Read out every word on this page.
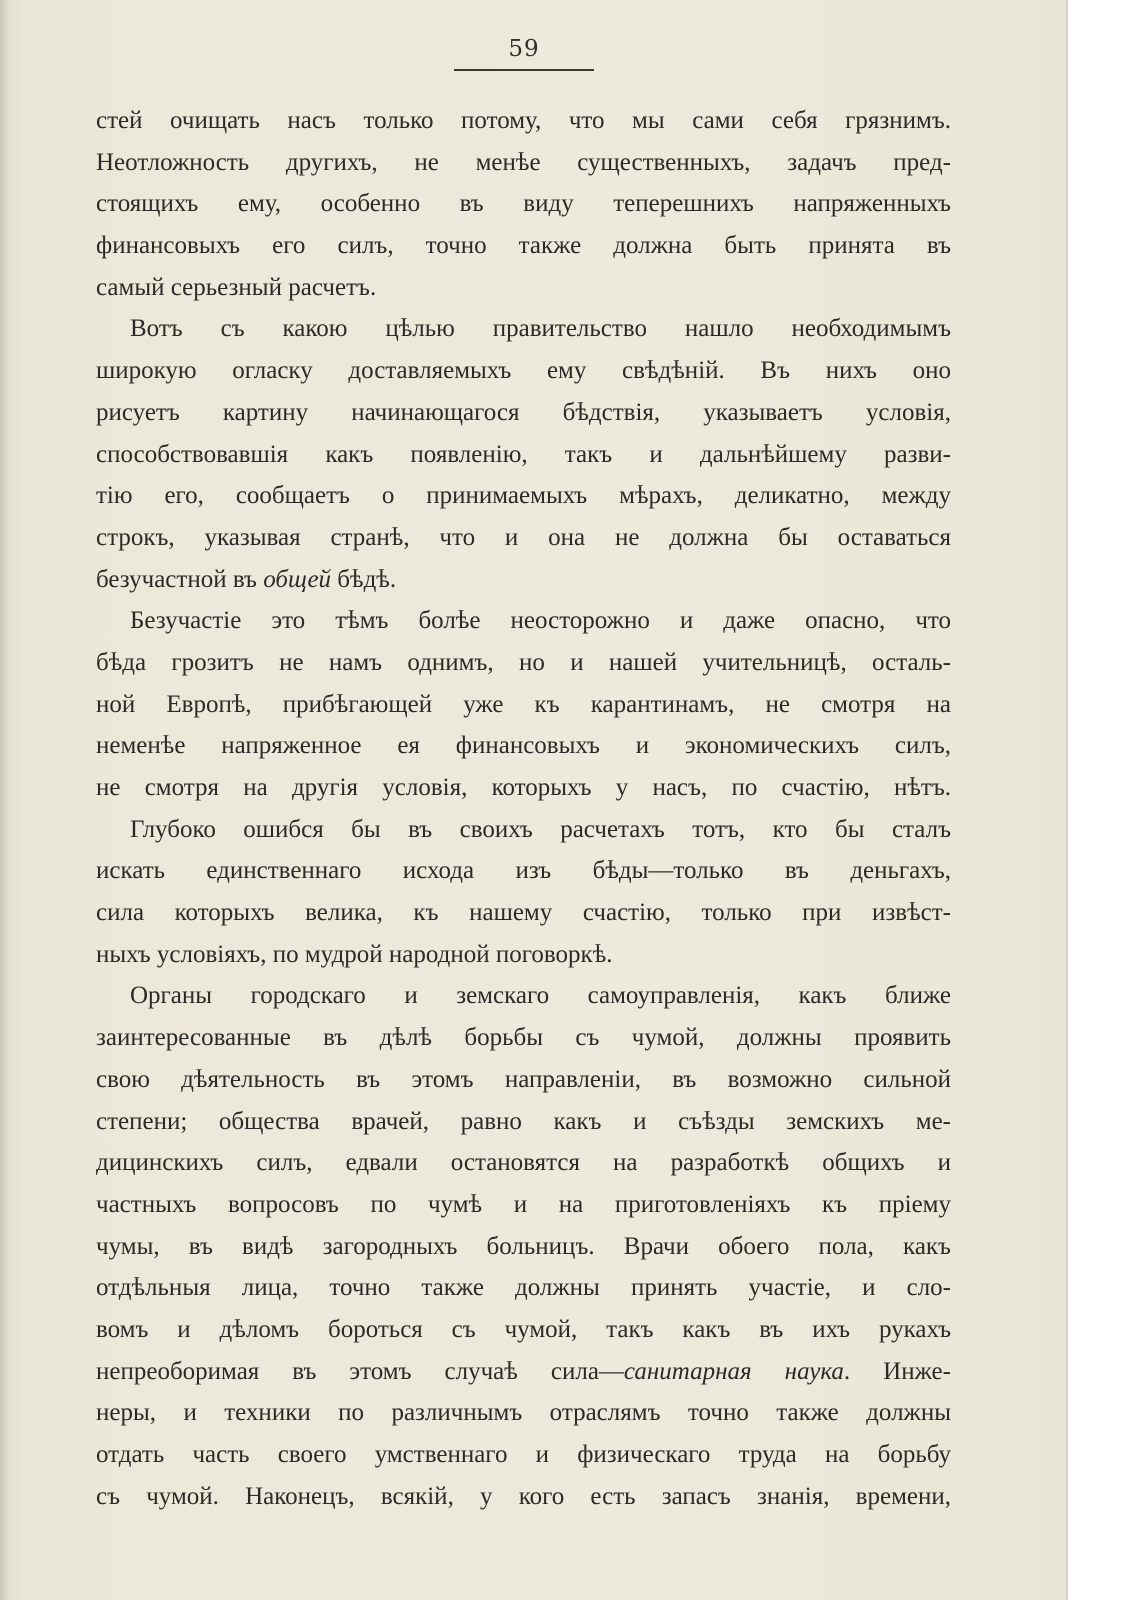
59
стей очищать насъ только потому, что мы сами себя грязнимъ.
Неотложность другихъ, не менѣе существенныхъ, задачъ пред-
стоящихъ ему, особенно въ виду теперешнихъ напряженныхъ
финансовыхъ его силъ, точно также должна быть принята въ
самый серьезный расчетъ.
Вотъ съ какою цѣлью правительство нашло необходимымъ
широкую огласку доставляемыхъ ему свѣдѣній. Въ нихъ оно
рисуетъ картину начинающагося бѣдствія, указываетъ условія,
способствовавшія какъ появленію, такъ и дальнѣйшему разви-
тію его, сообщаетъ о принимаемыхъ мѣрахъ, деликатно, между
строкъ, указывая странѣ, что и она не должна бы оставаться
безучастной въ общей бѣдѣ.
Безучастіе это тѣмъ болѣе неосторожно и даже опасно, что
бѣда грозитъ не намъ однимъ, но и нашей учительницѣ, осталь-
ной Европѣ, прибѣгающей уже къ карантинамъ, не смотря на
неменѣе напряженное ея финансовыхъ и экономическихъ силъ,
не смотря на другія условія, которыхъ у насъ, по счастію, нѣтъ.
Глубоко ошибся бы въ своихъ расчетахъ тотъ, кто бы сталъ
искать единственнаго исхода изъ бѣды—только въ деньгахъ,
сила которыхъ велика, къ нашему счастію, только при извѣст-
ныхъ условіяхъ, по мудрой народной поговоркѣ.
Органы городскаго и земскаго самоуправленія, какъ ближе
заинтересованные въ дѣлѣ борьбы съ чумой, должны проявить
свою дѣятельность въ этомъ направленіи, въ возможно сильной
степени; общества врачей, равно какъ и съѣзды земскихъ ме-
дицинскихъ силъ, едвали остановятся на разработкѣ общихъ и
частныхъ вопросовъ по чумѣ и на приготовленіяхъ къ пріему
чумы, въ видѣ загородныхъ больницъ. Врачи обоего пола, какъ
отдѣльныя лица, точно также должны принять участіе, и сло-
вомъ и дѣломъ бороться съ чумой, такъ какъ въ ихъ рукахъ
непреоборимая въ этомъ случаѣ сила—санитарная наука. Инже-
неры, и техники по различнымъ отраслямъ точно также должны
отдать часть своего умственнаго и физическаго труда на борьбу
съ чумой. Наконецъ, всякій, у кого есть запасъ знанія, времени,
